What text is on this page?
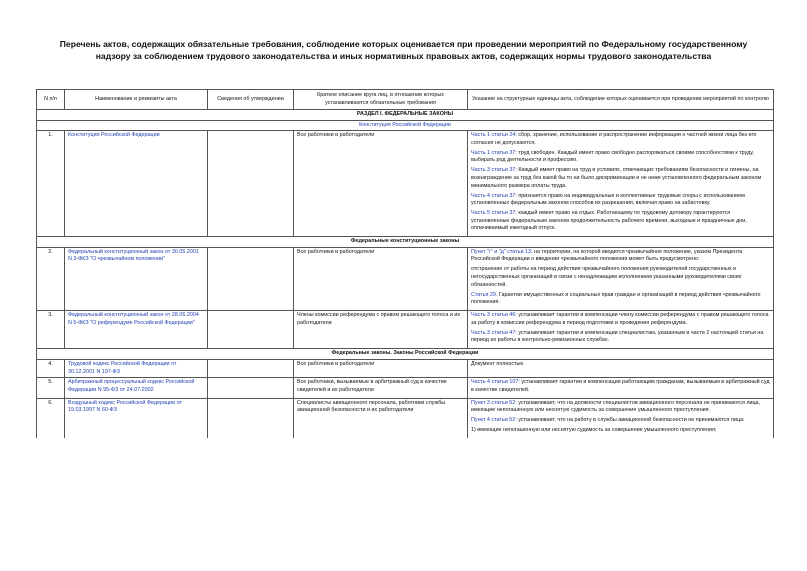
Перечень актов, содержащих обязательные требования, соблюдение которых оценивается при проведении мероприятий по Федеральному государственному
надзору за соблюдением трудового законодательства и иных нормативных правовых актов, содержащих нормы трудового законодательства
N п/п	Наименование и реквизиты акта	Сведения об утверждении	Краткое описание круга лиц, в отношении которых устанавливаются обязательные требования	Указание на структурные единицы акта, соблюдение которых оценивается при проведении мероприятий по контролю
РАЗДЕЛ I. ФЕДЕРАЛЬНЫЕ ЗАКОНЫ				
Конституция Российской Федерации				
1.	Конституция Российской Федерации		Все работники и работодатели	Часть 1 статьи 24: сбор, хранение, использование и распространение информации о частной жизни лица без его согласия не допускаются.
Часть 1 статьи 37: труд свободен. Каждый имеет право свободно распоряжаться своими способностями к труду, выбирать род деятельности и профессию.
Часть 3 статьи 37: Каждый имеет право на труд в условиях, отвечающих требованиям безопасности и гигиены, на вознаграждение за труд без какой бы то ни было дискриминации и не ниже установленного федеральным законом минимального размера оплаты труда.
Часть 4 статьи 37: признается право на индивидуальные и коллективные трудовые споры с использованием установленных федеральным законом способов их разрешения, включая право на забастовку.
Часть 5 статьи 37: каждый имеет право на отдых. Работающему по трудовому договору гарантируются установленные федеральным законом продолжительность рабочего времени, выходные и праздничные дни, оплачиваемый ежегодный отпуск.

Федеральные конституционные законы				
2.	Федеральный конституционный закон от 30.05.2001 N 3-ФКЗ "О чрезвычайном положении"		Все работники и работодатели	Пункт "г" и "д" статьи 13: на территории, на которой вводится чрезвычайное положение, указом Президента Российской Федерации о введении чрезвычайного положения может быть предусмотрено:
отстранение от работы на период действия чрезвычайного положения руководителей государственных и негосударственных организаций в связи с ненадлежащим исполнением указанными руководителями своих обязанностей.
Статья 29. Гарантии имущественных и социальных прав граждан и организаций в период действия чрезвычайного положения.

3.	Федеральный конституционный закон от 28.06.2004 N 5-ФКЗ "О референдуме Российской Федерации"		Члены комиссии референдума с правом решающего голоса и их работодатели	Часть 3 статьи 46: устанавливает гарантии и компенсации члену комиссии референдума с правом решающего голоса за работу в комиссии референдума в период подготовки и проведения референдума.
Часть 3 статьи 47: устанавливает гарантии и компенсации специалистам, указанным в части 2 настоящей статьи на период их работы в контрольно-ревизионных службах.

Федеральные законы. Законы Российской Федерации				
4.	Трудовой кодекс Российской Федерации от 30.12.2001 N 197-ФЗ		Все работники и работодатели	Документ полностью

5.	Арбитражный процессуальный кодекс Российской Федерации N 95-ФЗ от 24.07.2002		Все работники, вызываемые в арбитражный суд в качестве свидетелей и их работодатели	Часть 4 статьи 107: устанавливает гарантии и компенсации работающим гражданам, вызываемым в арбитражный суд в качестве свидетелей.

6.	Воздушный кодекс Российской Федерации от 19.03.1997 N 60-ФЗ		Специалисты авиационного персонала, работники службы авиационной безопасности и их работодатели	Пункт 3 статьи 52: устанавливает, что на должности специалистов авиационного персонала не принимаются лица, имеющие непогашенную или неснятую судимость за совершение умышленного преступления.
Пункт 4 статьи 52: устанавливает, что на работу в службы авиационной безопасности не принимаются лица:
1) имеющие непогашенную или неснятую судимость за совершение умышленного преступления;
